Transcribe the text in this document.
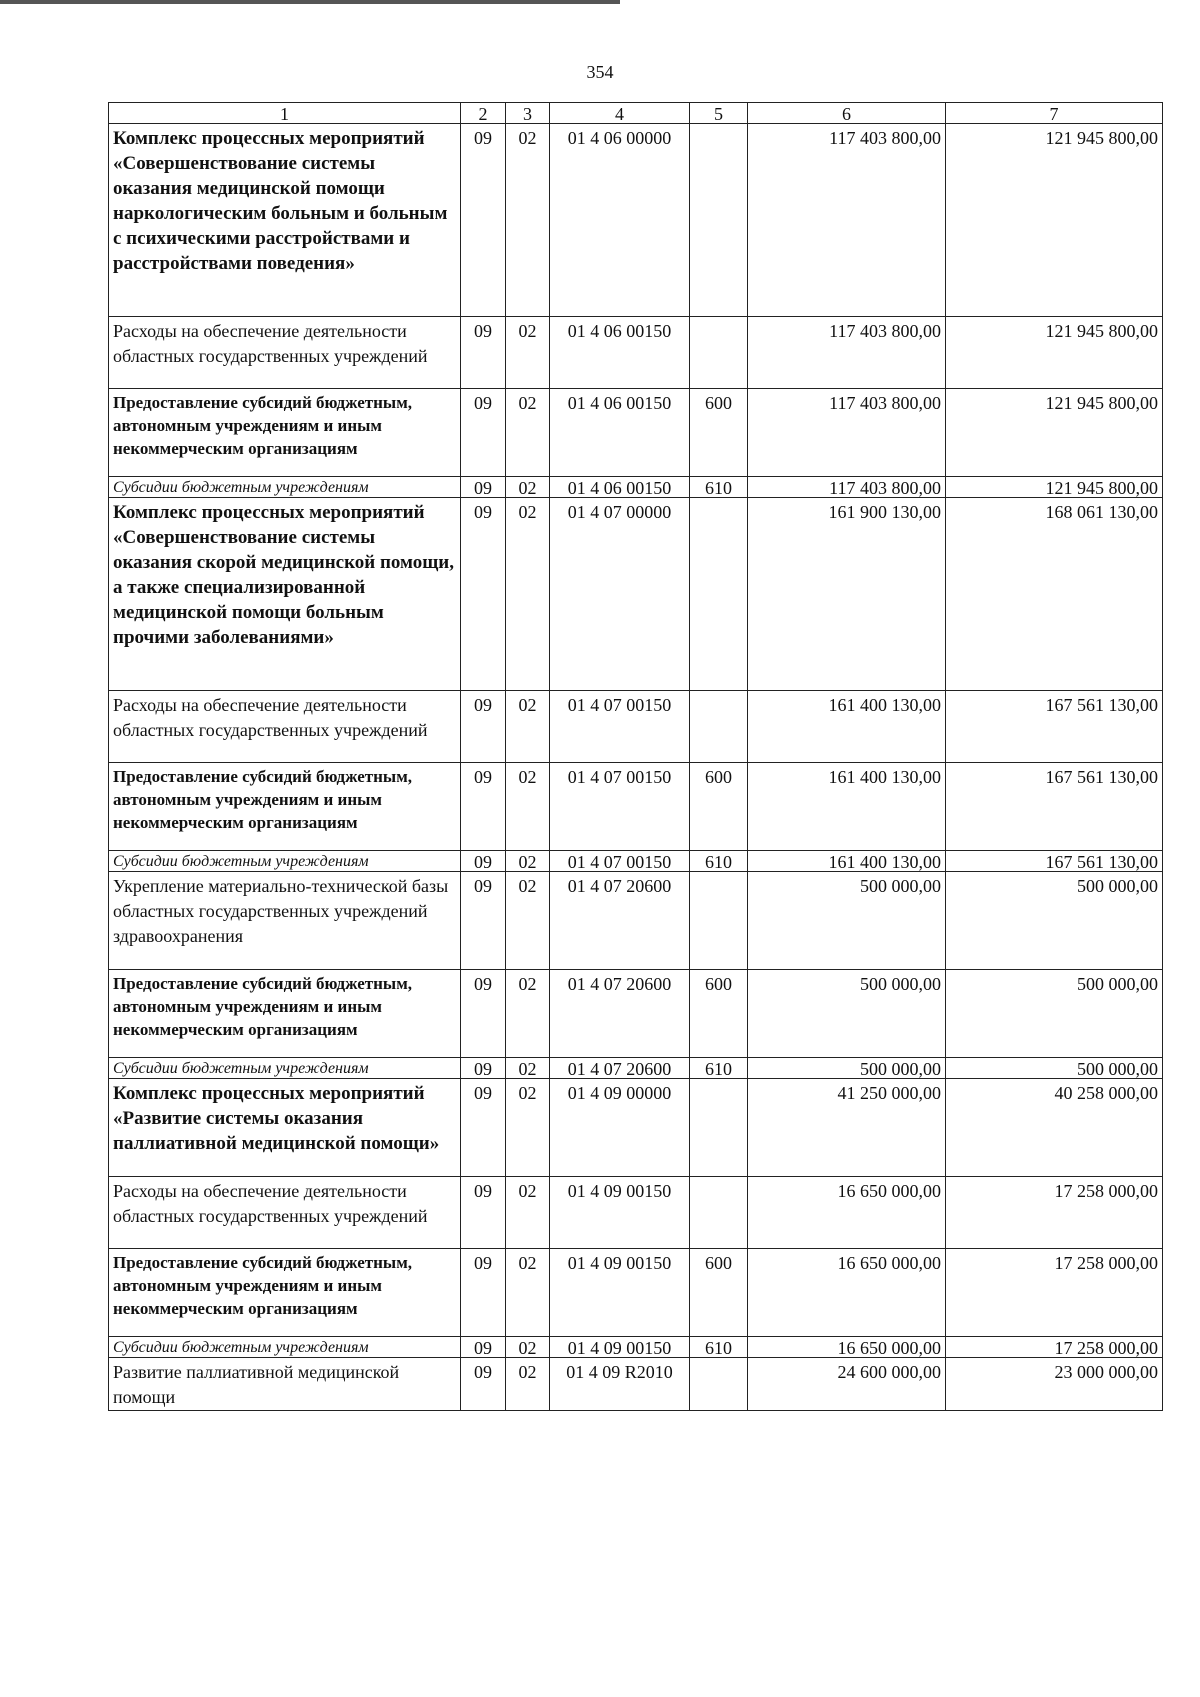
354
1	2	3	4	5	6	7
Комплекс процессных мероприятий «Совершенствование системы оказания медицинской помощи наркологическим больным и больным с психическими расстройствами и расстройствами поведения»	09	02	01 4 06 00000		117 403 800,00	121 945 800,00
Расходы на обеспечение деятельности областных государственных учреждений	09	02	01 4 06 00150		117 403 800,00	121 945 800,00
Предоставление субсидий бюджетным, автономным учреждениям и иным некоммерческим организациям	09	02	01 4 06 00150	600	117 403 800,00	121 945 800,00
Субсидии бюджетным учреждениям	09	02	01 4 06 00150	610	117 403 800,00	121 945 800,00
Комплекс процессных мероприятий «Совершенствование системы оказания скорой медицинской помощи, а также специализированной медицинской помощи больным прочими заболеваниями»	09	02	01 4 07 00000		161 900 130,00	168 061 130,00
Расходы на обеспечение деятельности областных государственных учреждений	09	02	01 4 07 00150		161 400 130,00	167 561 130,00
Предоставление субсидий бюджетным, автономным учреждениям и иным некоммерческим организациям	09	02	01 4 07 00150	600	161 400 130,00	167 561 130,00
Субсидии бюджетным учреждениям	09	02	01 4 07 00150	610	161 400 130,00	167 561 130,00
Укрепление материально-технической базы областных государственных учреждений здравоохранения	09	02	01 4 07 20600		500 000,00	500 000,00
Предоставление субсидий бюджетным, автономным учреждениям и иным некоммерческим организациям	09	02	01 4 07 20600	600	500 000,00	500 000,00
Субсидии бюджетным учреждениям	09	02	01 4 07 20600	610	500 000,00	500 000,00
Комплекс процессных мероприятий «Развитие системы оказания паллиативной медицинской помощи»	09	02	01 4 09 00000		41 250 000,00	40 258 000,00
Расходы на обеспечение деятельности областных государственных учреждений	09	02	01 4 09 00150		16 650 000,00	17 258 000,00
Предоставление субсидий бюджетным, автономным учреждениям и иным некоммерческим организациям	09	02	01 4 09 00150	600	16 650 000,00	17 258 000,00
Субсидии бюджетным учреждениям	09	02	01 4 09 00150	610	16 650 000,00	17 258 000,00
Развитие паллиативной медицинской помощи	09	02	01 4 09 R2010		24 600 000,00	23 000 000,00
